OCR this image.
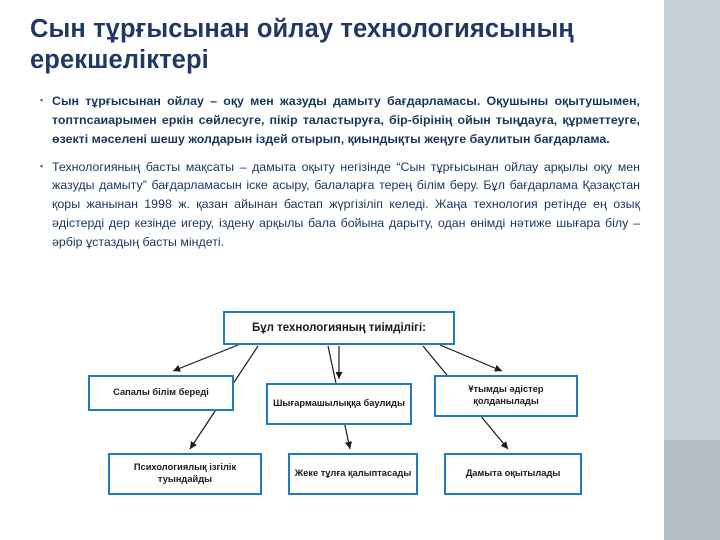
Сын тұрғысынан ойлау технологиясының ерекшеліктері
▪ Сын тұрғысынан ойлау – оқу мен жазуды дамыту бағдарламасы. Оқушыны оқытушымен, топтnсаиарымен еркін сөйлесуге, пікір таластыруға, бір-бірінің ойын тыңдауға, құрметтеуге, өзекті мәселені шешу жолдарын іздей отырып, қиындықты жеңуге баулитын бағдарлама.
▪ Технологияның басты мақсаты – дамыта оқыту негізінде “Сын тұрғысынан ойлау арқылы оқу мен жазуды дамыту” бағдарламасын іске асыру, балаларға терең білім беру. Бұл бағдарлама Қазақстан қоры жанынан 1998 ж. қазан айынан бастап жүргізіліп келеді. Жаңа технология ретінде ең озық әдістерді дер кезінде игеру, іздену арқылы бала бойына дарыту, одан өнімді нәтиже шығара білу – әрбір ұстаздың басты міндеті.
Бұл технологияның тиімділігі:
Сапалы білім береді
Шығармашылыққа баулиды
Ұтымды әдістер қолданылады
Психологиялық ізгілік туындайды
Жеке тұлға қалыптасады	Дамыта оқытылады
